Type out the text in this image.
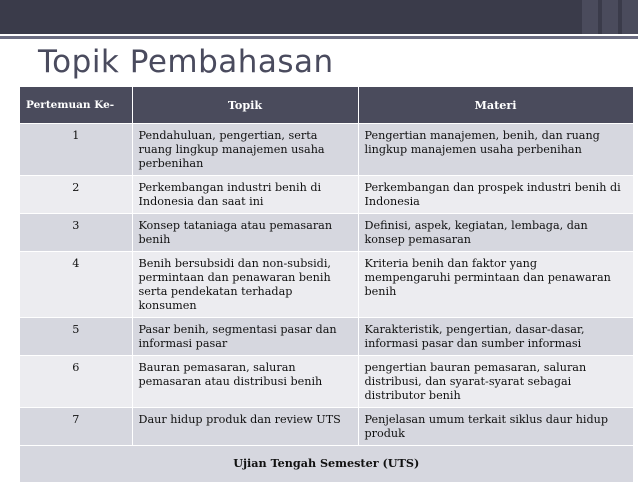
Topik Pembahasan
Pertemuan Ke-	Topik	Materi
1	Pendahuluan, pengertian, serta ruang lingkup manajemen usaha perbenihan	Pengertian manajemen, benih, dan ruang lingkup manajemen usaha perbenihan
2	Perkembangan industri benih di Indonesia dan saat ini	Perkembangan dan prospek industri benih di Indonesia
3	Konsep tataniaga atau pemasaran benih	Definisi, aspek, kegiatan, lembaga, dan konsep pemasaran
4	Benih bersubsidi dan non-subsidi, permintaan dan penawaran benih serta pendekatan terhadap konsumen	Kriteria benih dan faktor yang mempengaruhi permintaan dan penawaran benih
5	Pasar benih, segmentasi pasar dan informasi pasar	Karakteristik, pengertian, dasar-dasar, informasi pasar dan sumber informasi
6	Bauran pemasaran, saluran pemasaran atau distribusi benih	pengertian bauran pemasaran, saluran distribusi, dan syarat-syarat sebagai distributor benih
7	Daur hidup produk dan review UTS	Penjelasan umum terkait siklus daur hidup produk
Ujian Tengah Semester (UTS)		
